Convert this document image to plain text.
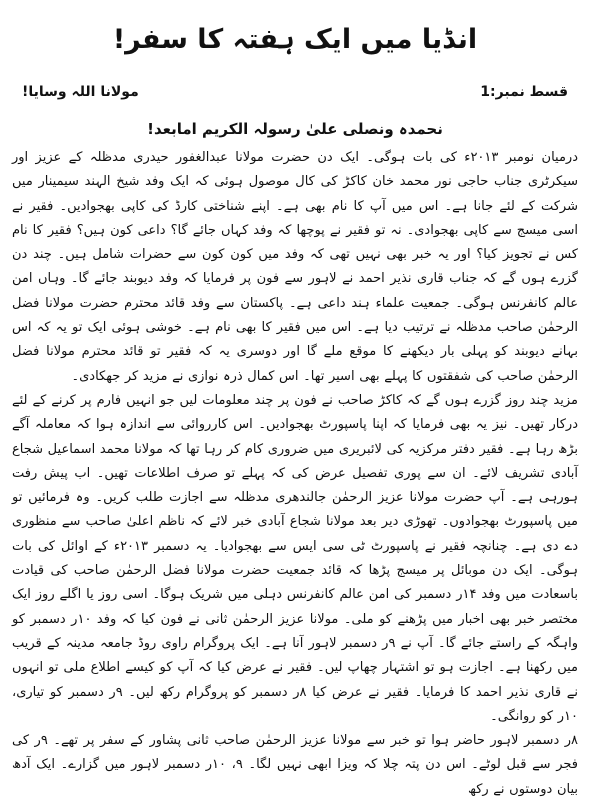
انڈیا میں ایک ہفتہ کا سفر!
قسط نمبر:1
مولانا اللہ وسایا!
نحمدہ ونصلی علیٰ رسولہ الکریم امابعد!

درمیان نومبر ۲۰۱۳ء کی بات ہوگی۔ ایک دن حضرت مولانا عبدالغفور حیدری مدظلہ کے عزیز اور سیکرٹری جناب حاجی نور محمد خان کاکڑ کی کال موصول ہوئی کہ ایک وفد شیخ الہند سیمینار میں شرکت کے لئے جانا ہے۔ اس میں آپ کا نام بھی ہے۔ اپنے شناختی کارڈ کی کاپی بھجوادیں۔ فقیر نے اسی میسج سے کاپی بھجوادی۔ نہ تو فقیر نے پوچھا کہ وفد کہاں جائے گا؟ داعی کون ہیں؟ فقیر کا نام کس نے تجویز کیا؟ اور یہ خبر بھی نہیں تھی کہ وفد میں کون کون سے حضرات شامل ہیں۔ چند دن گزرے ہوں گے کہ جناب قاری نذیر احمد نے لاہور سے فون پر فرمایا کہ وفد دیوبند جائے گا۔ وہاں امن عالم کانفرنس ہوگی۔ جمعیت علماء ہند داعی ہے۔ پاکستان سے وفد قائد محترم حضرت مولانا فضل الرحمٰن صاحب مدظلہ نے ترتیب دیا ہے۔ اس میں فقیر کا بھی نام ہے۔ خوشی ہوئی ایک تو یہ کہ اس بہانے دیوبند کو پہلی بار دیکھنے کا موقع ملے گا اور دوسری یہ کہ فقیر تو قائد محترم مولانا فضل الرحمٰن صاحب کی شفقتوں کا پہلے بھی اسیر تھا۔ اس کمال ذرہ نوازی نے مزید کر جھکادی۔

مزید چند روز گزرے ہوں گے کہ کاکڑ صاحب نے فون پر چند معلومات لیں جو انہیں فارم پر کرنے کے لئے درکار تھیں۔ نیز یہ بھی فرمایا کہ اپنا پاسپورٹ بھجوادیں۔ اس کارروائی سے اندازہ ہوا کہ معاملہ آگے بڑھ رہا ہے۔ فقیر دفتر مرکزیہ کی لائبریری میں ضروری کام کر رہا تھا کہ مولانا محمد اسماعیل شجاع آبادی تشریف لائے۔ ان سے پوری تفصیل عرض کی کہ پہلے تو صرف اطلاعات تھیں۔ اب پیش رفت ہورہی ہے۔ آپ حضرت مولانا عزیز الرحمٰن جالندھری مدظلہ سے اجازت طلب کریں۔ وہ فرمائیں تو میں پاسپورٹ بھجوادوں۔ تھوڑی دیر بعد مولانا شجاع آبادی خبر لائے کہ ناظم اعلیٰ صاحب سے منظوری دے دی ہے۔ چنانچہ فقیر نے پاسپورٹ ٹی سی ایس سے بھجوادیا۔ یہ دسمبر ۲۰۱۳ء کے اوائل کی بات ہوگی۔ ایک دن موبائل پر میسج پڑھا کہ قائد جمعیت حضرت مولانا فضل الرحمٰن صاحب کی قیادت باسعادت میں وفد ۱۴ر دسمبر کی امن عالم کانفرنس دہلی میں شریک ہوگا۔ اسی روز یا اگلے روز ایک مختصر خبر بھی اخبار میں پڑھنے کو ملی۔ مولانا عزیز الرحمٰن ثانی نے فون کیا کہ وفد ۱۰ر دسمبر کو واہگہ کے راستے جائے گا۔ آپ نے ۹ر دسمبر لاہور آنا ہے۔ ایک پروگرام راوی روڈ جامعہ مدینہ کے قریب میں رکھنا ہے۔ اجازت ہو تو اشتہار چھاپ لیں۔ فقیر نے عرض کیا کہ آپ کو کیسے اطلاع ملی تو انہوں نے قاری نذیر احمد کا فرمایا۔ فقیر نے عرض کیا ۸ر دسمبر کو پروگرام رکھ لیں۔ ۹ر دسمبر کو تیاری، ۱۰ر کو روانگی۔

۸ر دسمبر لاہور حاضر ہوا تو خبر سے مولانا عزیز الرحمٰن صاحب ثانی پشاور کے سفر پر تھے۔ ۹ر کی فجر سے قبل لوٹے۔ اس دن پتہ چلا کہ ویزا ابھی نہیں لگا۔ ۹، ۱۰ر دسمبر لاہور میں گزارے۔ ایک آدھ بیان دوستوں نے رکھ
